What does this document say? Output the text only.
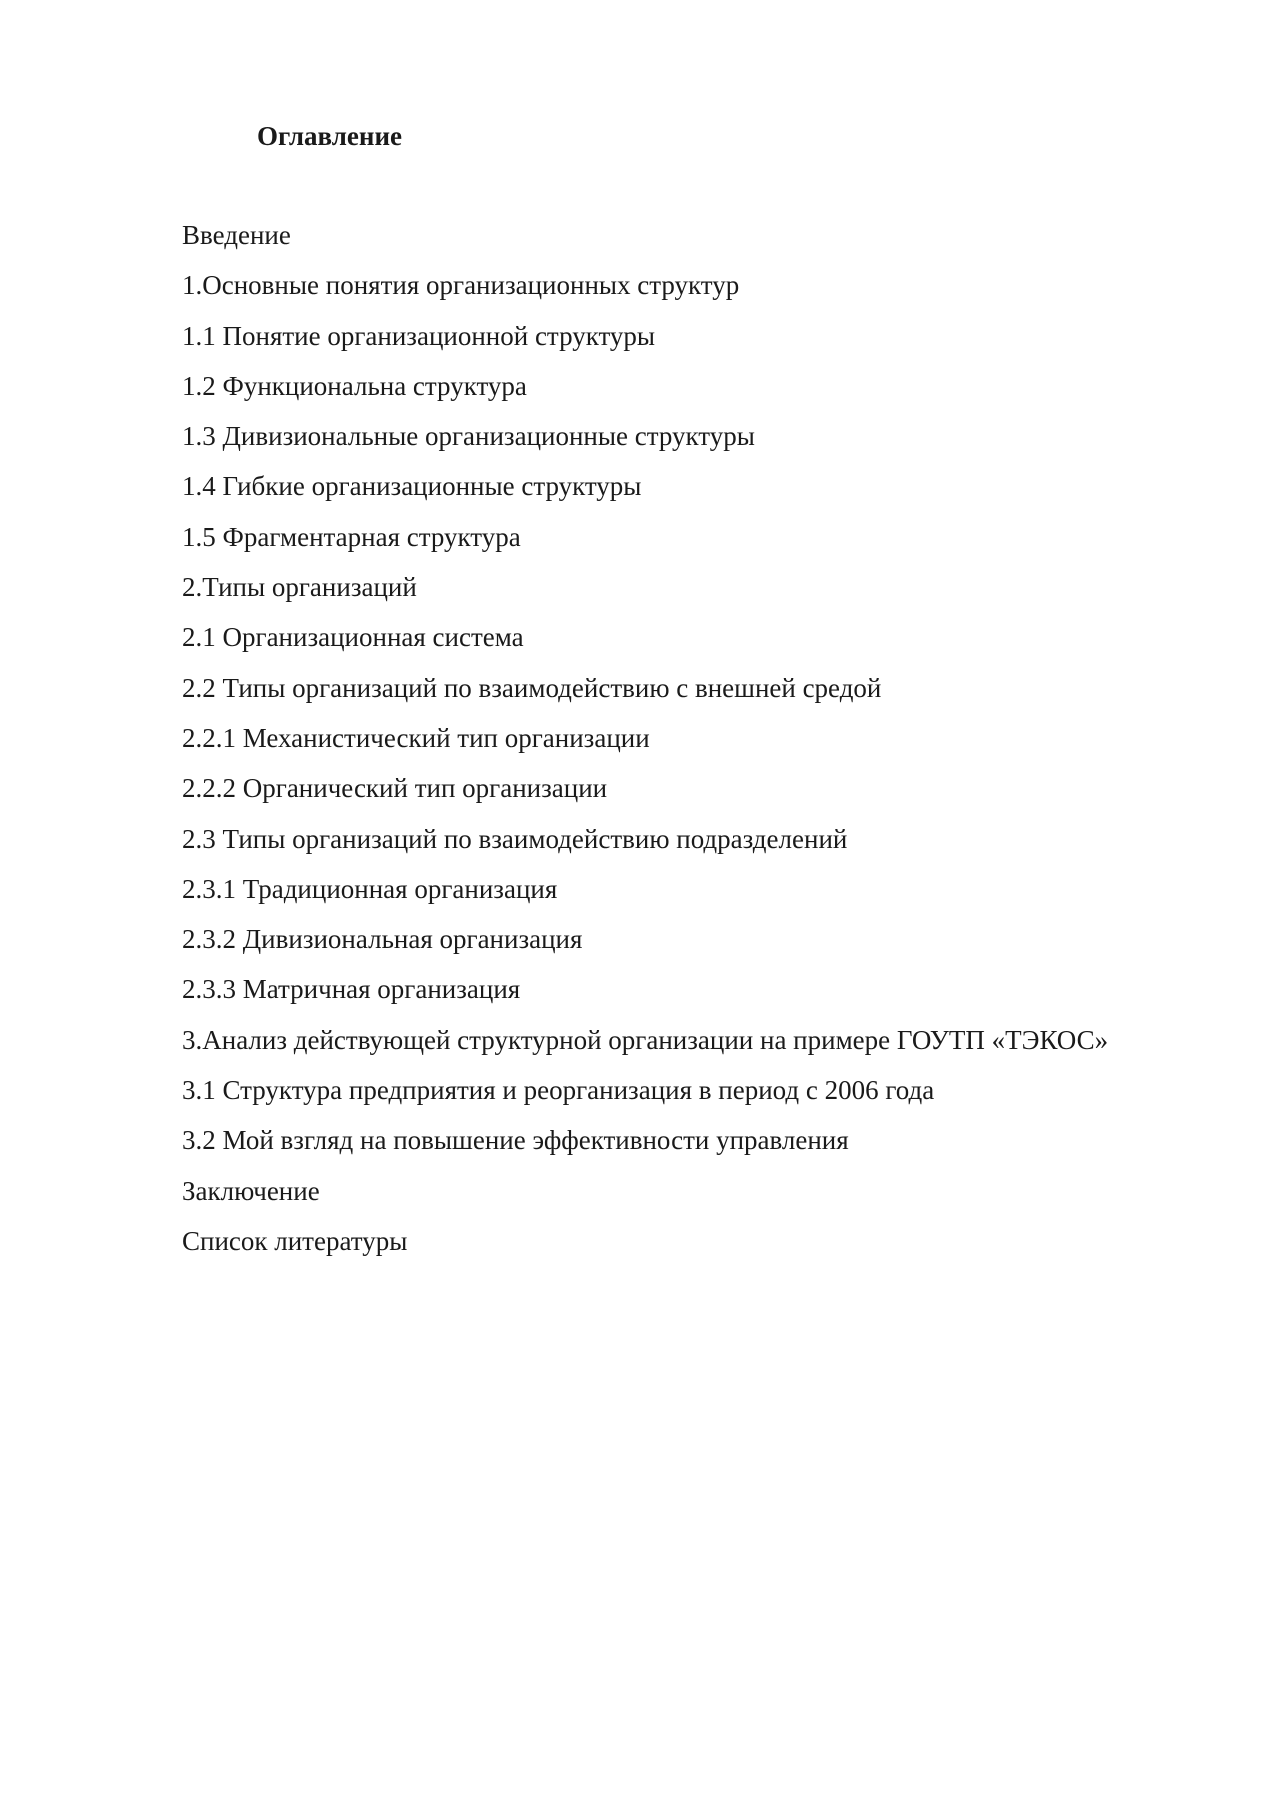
Оглавление
Введение
1.Основные понятия организационных структур
1.1 Понятие организационной структуры
1.2 Функциональна структура
1.3 Дивизиональные организационные структуры
1.4 Гибкие организационные структуры
1.5 Фрагментарная структура
2.Типы организаций
2.1 Организационная система
2.2 Типы организаций по взаимодействию с внешней средой
2.2.1 Механистический тип организации
2.2.2 Органический тип организации
2.3 Типы организаций по взаимодействию подразделений
2.3.1 Традиционная организация
2.3.2 Дивизиональная организация
2.3.3 Матричная организация
3.Анализ действующей структурной организации на примере ГОУТП «ТЭКОС»
3.1 Структура предприятия и реорганизация в период с 2006 года
3.2 Мой взгляд на повышение эффективности управления
Заключение
Список литературы
